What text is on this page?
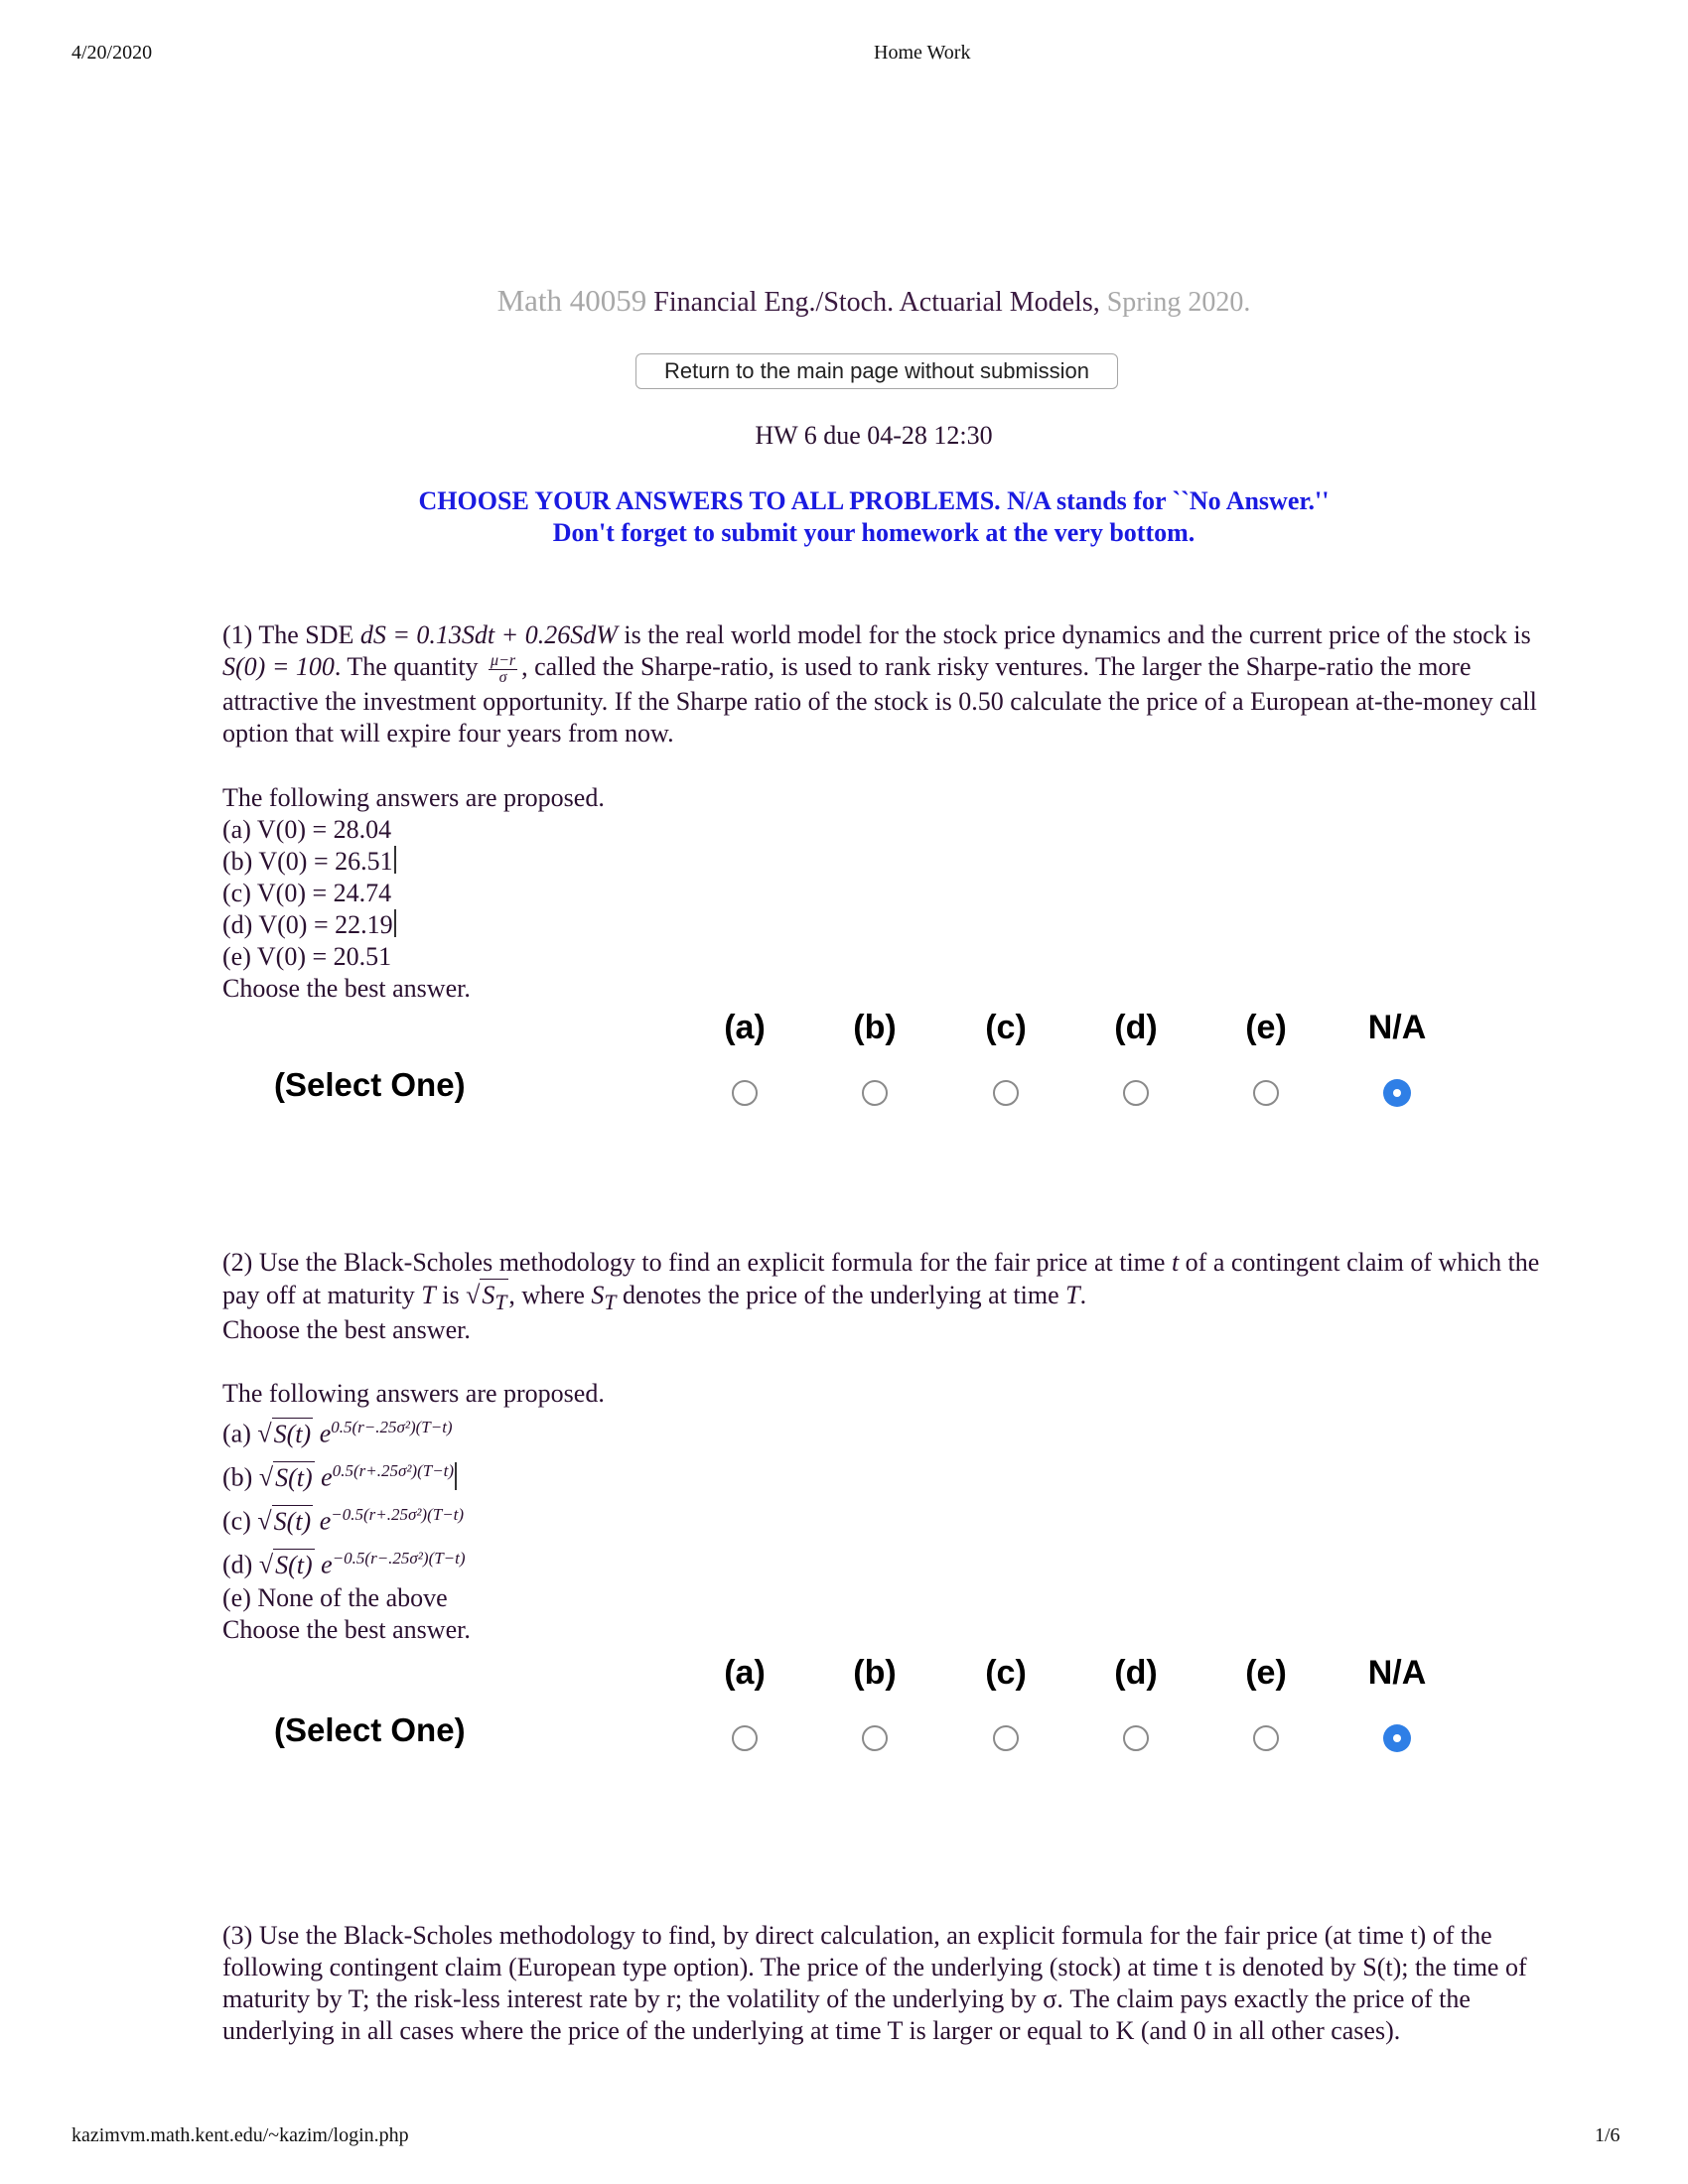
4/20/2020	Home Work
Math 40059 Financial Eng./Stoch. Actuarial Models, Spring 2020.
Return to the main page without submission
HW 6 due 04-28 12:30
CHOOSE YOUR ANSWERS TO ALL PROBLEMS. N/A stands for ``No Answer.''
Don't forget to submit your homework at the very bottom.
(1) The SDE dS = 0.13Sdt + 0.26SdW is the real world model for the stock price dynamics and the current price of the stock is S(0) = 100. The quantity $\frac{\mu-r}{\sigma}$ , called the Sharpe-ratio, is used to rank risky ventures. The larger the Sharpe-ratio the more attractive the investment opportunity. If the Sharpe ratio of the stock is 0.50 calculate the price of a European at-the-money call option that will expire four years from now.
The following answers are proposed.
(a) V(0) = 28.04
(b) V(0) = 26.51
(c) V(0) = 24.74
(d) V(0) = 22.19
(e) V(0) = 20.51
Choose the best answer.
(a)	(b)	(c)	(d)	(e)	N/A
(Select One)
(2) Use the Black-Scholes methodology to find an explicit formula for the fair price at time t of a contingent claim of which the pay off at maturity T is $√S_T$, where $S_T$ denotes the price of the underlying at time T.
Choose the best answer.
The following answers are proposed.
(a) √S(t) $e^{0.5(r-.25\sigma^2)(T-t)}$
(b) √S(t) $e^{0.5(r+.25\sigma^2)(T-t)}$
(c) √S(t) $e^{-0.5(r+.25\sigma^2)(T-t)}$
(d) √S(t) $e^{-0.5(r-.25\sigma^2)(T-t)}$
(e) None of the above
Choose the best answer.
(a)	(b)	(c)	(d)	(e)	N/A
(Select One)
(3) Use the Black-Scholes methodology to find, by direct calculation, an explicit formula for the fair price (at time t) of the following contingent claim (European type option). The price of the underlying (stock) at time t is denoted by S(t); the time of maturity by T; the risk-less interest rate by r; the volatility of the underlying by σ. The claim pays exactly the price of the underlying in all cases where the price of the underlying at time T is larger or equal to K (and 0 in all other cases).
kazimvm.math.kent.edu/~kazim/login.php	1/6
